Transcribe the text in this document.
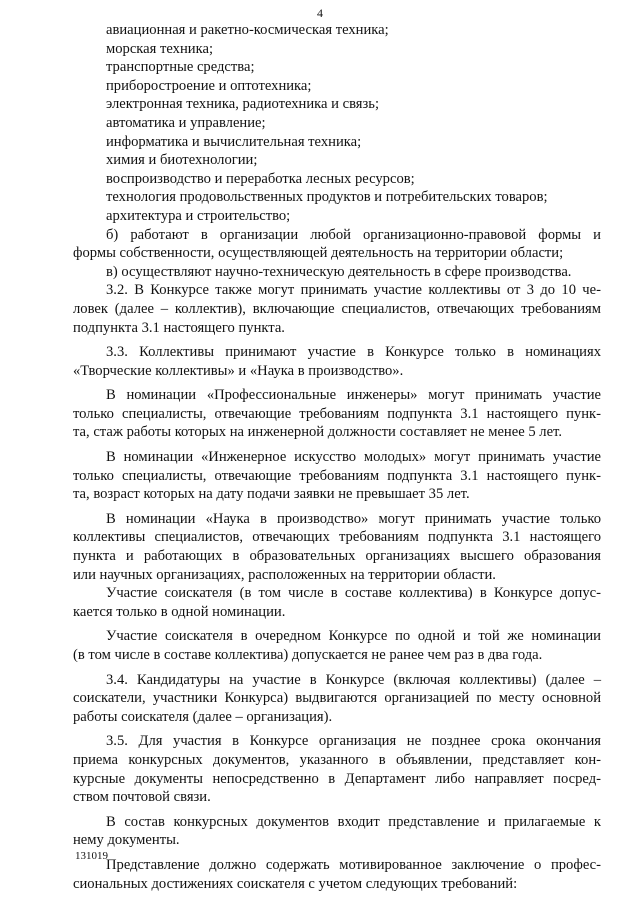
4
авиационная и ракетно-космическая техника;
морская техника;
транспортные средства;
приборостроение и оптотехника;
электронная техника, радиотехника и связь;
автоматика и управление;
информатика и вычислительная техника;
химия и биотехнологии;
воспроизводство и переработка лесных ресурсов;
технология продовольственных продуктов и потребительских товаров;
архитектура и строительство;
б) работают в организации любой организационно-правовой формы и
формы собственности, осуществляющей деятельность на территории области;
в) осуществляют научно-техническую деятельность в сфере производства.
3.2. В Конкурсе также могут принимать участие коллективы от 3 до 10 че-
ловек (далее – коллектив), включающие специалистов, отвечающих требованиям
подпункта 3.1 настоящего пункта.
3.3. Коллективы принимают участие в Конкурсе только в номинациях
«Творческие коллективы» и «Наука в производство».
В номинации «Профессиональные инженеры» могут принимать участие
только специалисты, отвечающие требованиям подпункта 3.1 настоящего пунк-
та, стаж работы которых на инженерной должности составляет не менее 5 лет.
В номинации «Инженерное искусство молодых» могут принимать участие
только специалисты, отвечающие требованиям подпункта 3.1 настоящего пунк-
та, возраст которых на дату подачи заявки не превышает 35 лет.
В номинации «Наука в производство» могут принимать участие только
коллективы специалистов, отвечающих требованиям подпункта 3.1 настоящего
пункта и работающих в образовательных организациях высшего образования
или научных организациях, расположенных на территории области.
Участие соискателя (в том числе в составе коллектива) в Конкурсе допус-
кается только в одной номинации.
Участие соискателя в очередном Конкурсе по одной и той же номинации
(в том числе в составе коллектива) допускается не ранее чем раз в два года.
3.4. Кандидатуры на участие в Конкурсе (включая коллективы) (далее –
соискатели, участники Конкурса) выдвигаются организацией по месту основной
работы соискателя (далее – организация).
3.5. Для участия в Конкурсе организация не позднее срока окончания
приема конкурсных документов, указанного в объявлении, представляет кон-
курсные документы непосредственно в Департамент либо направляет посред-
ством почтовой связи.
В состав конкурсных документов входит представление и прилагаемые к
нему документы.
Представление должно содержать мотивированное заключение о профес-
сиональных достижениях соискателя с учетом следующих требований:
131019
